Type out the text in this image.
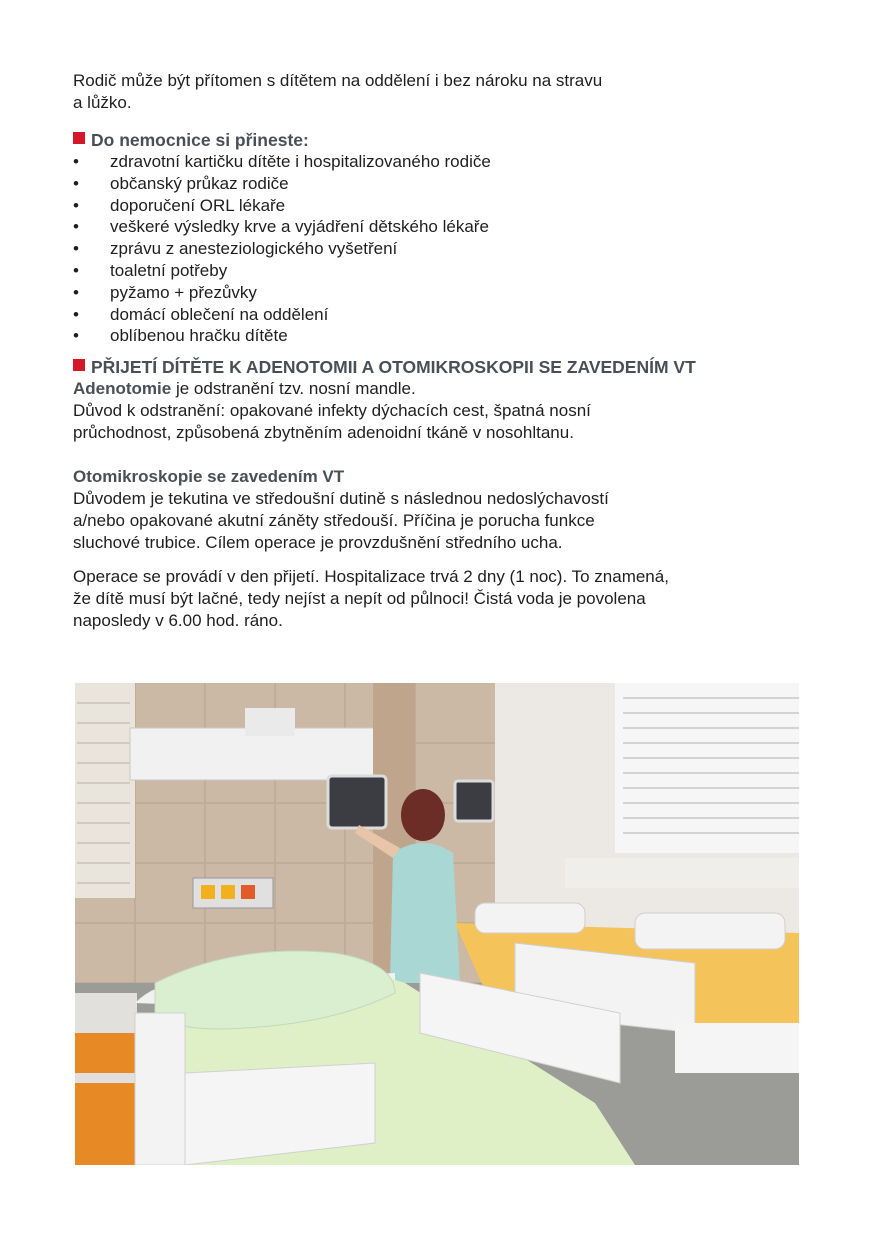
Rodič může být přítomen s dítětem na oddělení i bez nároku na stravu

a lůžko.

Do nemocnice si přineste:
• zdravotní kartičku dítěte i hospitalizovaného rodiče
• občanský průkaz rodiče
• doporučení ORL lékaře
• veškeré výsledky krve a vyjádření dětského lékaře
• zprávu z anesteziologického vyšetření
• toaletní potřeby
• pyžamo + přezůvky
• domácí oblečení na oddělení
• oblíbenou hračku dítěte
PŘIJETÍ DÍTĚTE K ADENOTOMII A OTOMIKROSKOPII SE ZAVEDENÍM VT

Adenotomie je odstranění tzv. nosní mandle.

Důvod k odstranění: opakované infekty dýchacích cest, špatná nosní

průchodnost, způsobená zbytněním adenoidní tkáně v nosohltanu.

Otomikroskopie se zavedením VT

Důvodem je tekutina ve středoušní dutině s následnou nedoslýchavostí

a/nebo opakované akutní záněty středouší. Příčina je porucha funkce

sluchové trubice. Cílem operace je provzdušnění středního ucha.

Operace se provádí v den přijetí. Hospitalizace trvá 2 dny (1 noc). To znamená,

že dítě musí být lačné, tedy nejíst a nepít od půlnoci! Čistá voda je povolena

naposledy v 6.00 hod. ráno.
